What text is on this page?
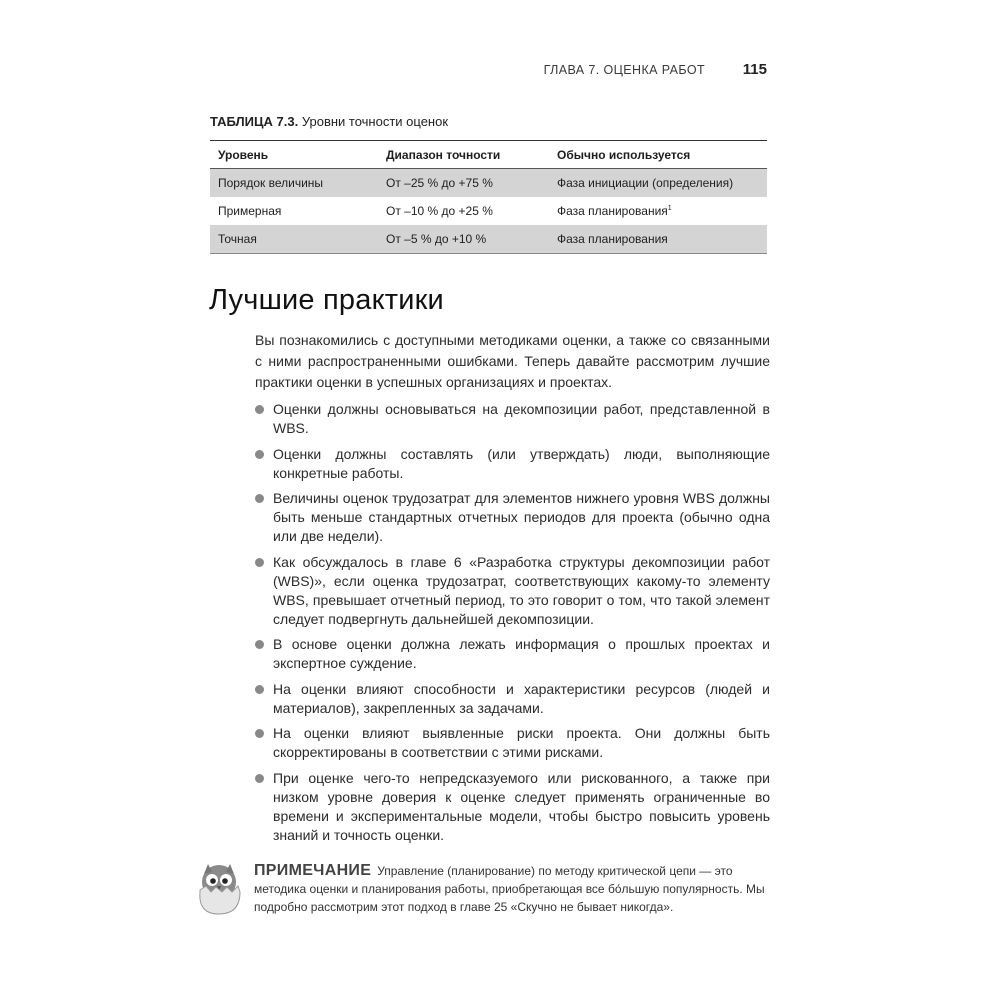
ГЛАВА 7. ОЦЕНКА РАБОТ	115
ТАБЛИЦА 7.3. Уровни точности оценок
Уровень	Диапазон точности	Обычно используется
Порядок величины	От –25 % до +75 %	Фаза инициации (определения)
Примерная	От –10 % до +25 %	Фаза планирования$^1$
Точная	От –5 % до +10 %	Фаза планирования
Лучшие практики

Вы познакомились с доступными методиками оценки, а также со связанными с ними распространенными ошибками. Теперь давайте рассмотрим лучшие практики оценки в успешных организациях и проектах.

Оценки должны основываться на декомпозиции работ, представленной в WBS.
Оценки должны составлять (или утверждать) люди, выполняющие конкретные работы.
Величины оценок трудозатрат для элементов нижнего уровня WBS должны быть меньше стандартных отчетных периодов для проекта (обычно одна или две недели).
Как обсуждалось в главе 6 «Разработка структуры декомпозиции работ (WBS)», если оценка трудозатрат, соответствующих какому-то элементу WBS, превышает отчетный период, то это говорит о том, что такой элемент следует подвергнуть дальнейшей декомпозиции.
В основе оценки должна лежать информация о прошлых проектах и экспертное суждение.
На оценки влияют способности и характеристики ресурсов (людей и материалов), закрепленных за задачами.
На оценки влияют выявленные риски проекта. Они должны быть скорректированы в соответствии с этими рисками.
При оценке чего-то непредсказуемого или рискованного, а также при низком уровне доверия к оценке следует применять ограниченные во времени и экспериментальные модели, чтобы быстро повысить уровень знаний и точность оценки.
ПРИМЕЧАНИЕ Управление (планирование) по методу критической цепи — это методика оценки и планирования работы, приобретающая все бо́льшую популярность. Мы подробно рассмотрим этот подход в главе 25 «Скучно не бывает никогда».
